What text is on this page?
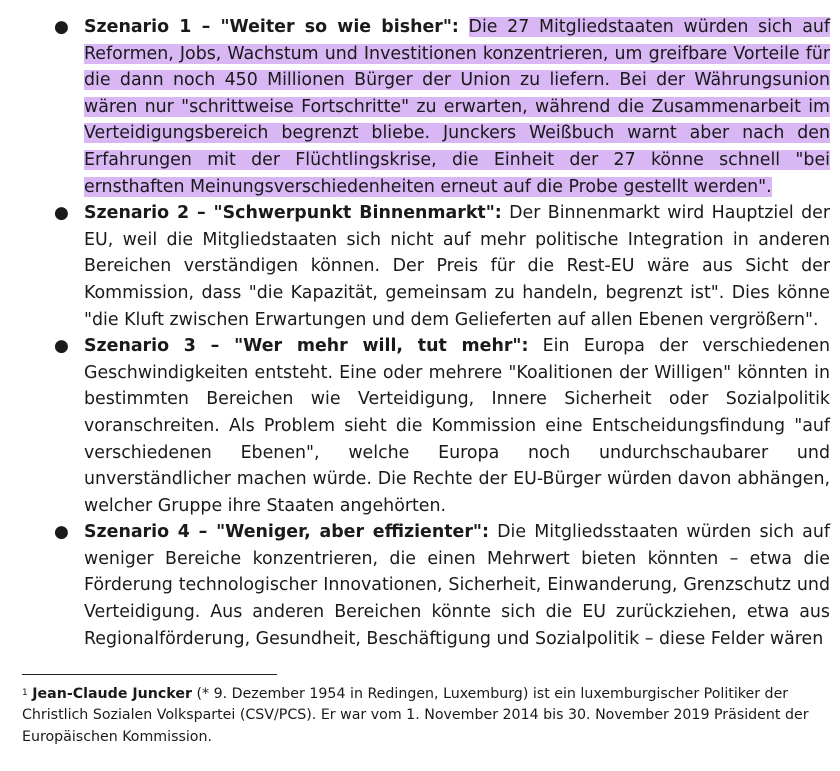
● Szenario 1 – "Weiter so wie bisher": Die 27 Mitgliedstaaten würden sich auf Reformen, Jobs, Wachstum und Investitionen konzentrieren, um greifbare Vorteile für die dann noch 450 Millionen Bürger der Union zu liefern. Bei der Währungsunion wären nur "schrittweise Fortschritte" zu erwarten, während die Zusammenarbeit im Verteidigungsbereich begrenzt bliebe. Junckers Weißbuch warnt aber nach den Erfahrungen mit der Flüchtlingskrise, die Einheit der 27 könne schnell "bei ernsthaften Meinungsverschiedenheiten erneut auf die Probe gestellt werden".
● Szenario 2 – "Schwerpunkt Binnenmarkt": Der Binnenmarkt wird Hauptziel der EU, weil die Mitgliedstaaten sich nicht auf mehr politische Integration in anderen Bereichen verständigen können. Der Preis für die Rest-EU wäre aus Sicht der Kommission, dass "die Kapazität, gemeinsam zu handeln, begrenzt ist". Dies könne "die Kluft zwischen Erwartungen und dem Gelieferten auf allen Ebenen vergrößern".
● Szenario 3 – "Wer mehr will, tut mehr": Ein Europa der verschiedenen Geschwindigkeiten entsteht. Eine oder mehrere "Koalitionen der Willigen" könnten in bestimmten Bereichen wie Verteidigung, Innere Sicherheit oder Sozialpolitik voranschreiten. Als Problem sieht die Kommission eine Entscheidungsfindung "auf verschiedenen Ebenen", welche Europa noch undurchschaubarer und unverständlicher machen würde. Die Rechte der EU-Bürger würden davon abhängen, welcher Gruppe ihre Staaten angehörten.
● Szenario 4 – "Weniger, aber effizienter": Die Mitgliedsstaaten würden sich auf weniger Bereiche konzentrieren, die einen Mehrwert bieten könnten – etwa die Förderung technologischer Innovationen, Sicherheit, Einwanderung, Grenzschutz und Verteidigung. Aus anderen Bereichen könnte sich die EU zurückziehen, etwa aus Regionalförderung, Gesundheit, Beschäftigung und Sozialpolitik – diese Felder wären
$^1$ Jean-Claude Juncker (* 9. Dezember 1954 in Redingen, Luxemburg) ist ein luxemburgischer Politiker der Christlich Sozialen Volkspartei (CSV/PCS). Er war vom 1. November 2014 bis 30. November 2019 Präsident der Europäischen Kommission.
